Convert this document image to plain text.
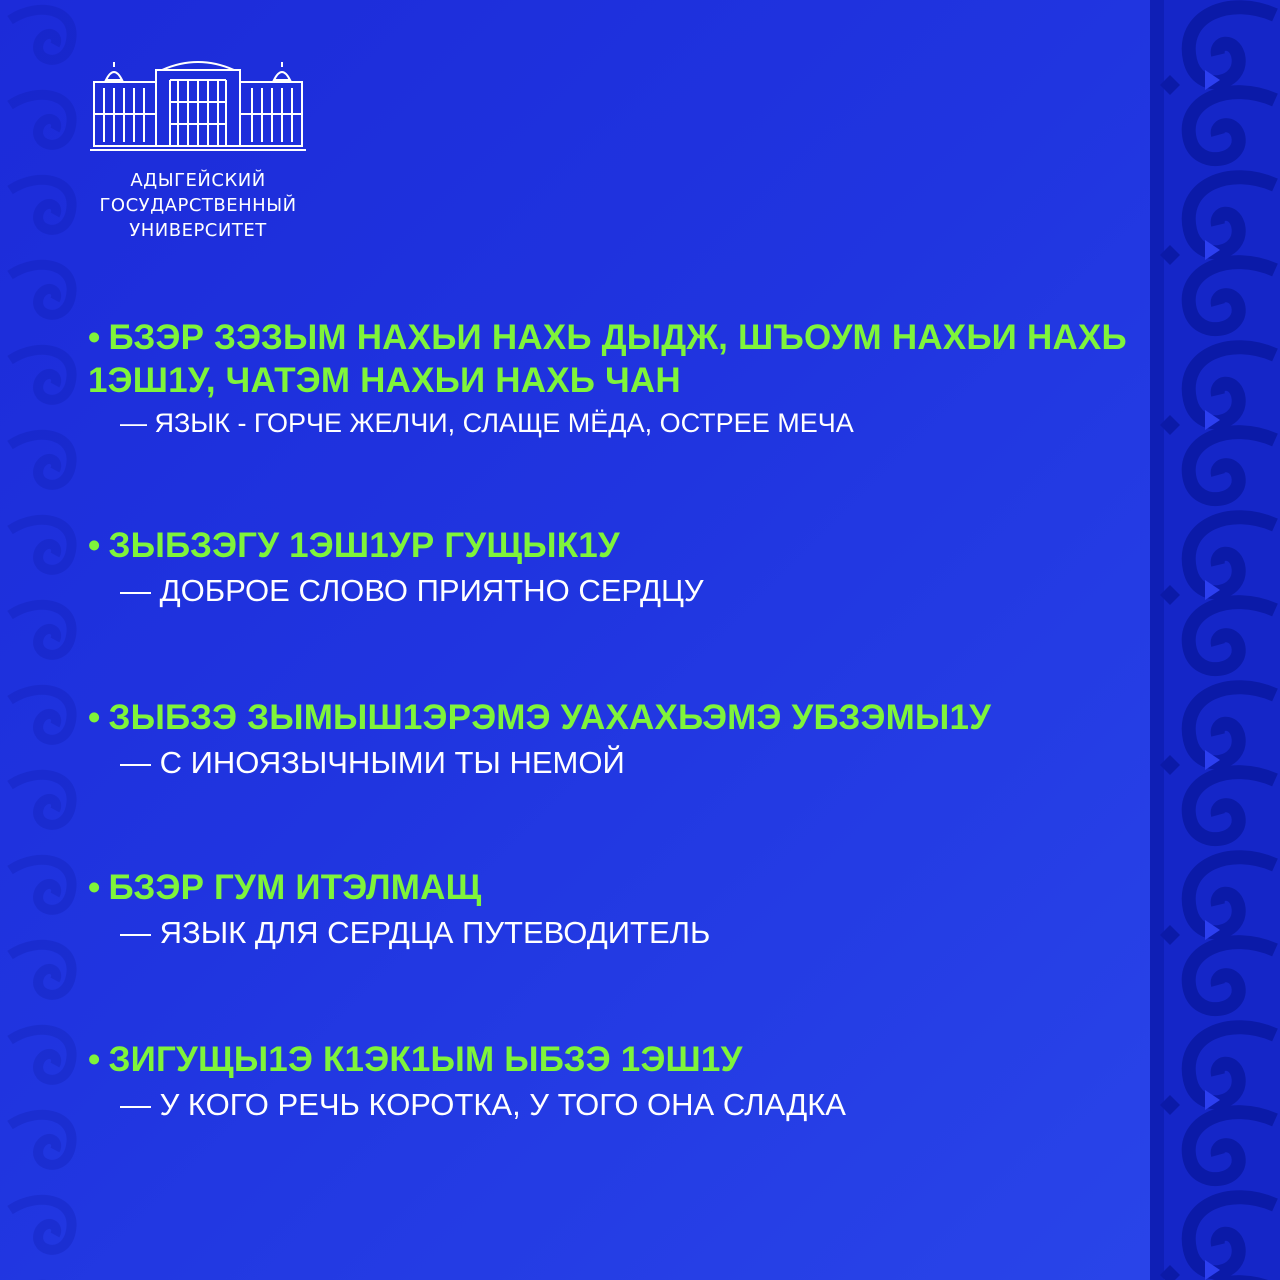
АДЫГЕЙСКИЙ
ГОСУДАРСТВЕННЫЙ
УНИВЕРСИТЕТ
• БЗЭР ЗЭЗЫМ НАХЬИ НАХЬ ДЫДЖ, ШЪОУМ НАХЬИ НАХЬ 1ЭШ1У, ЧАТЭМ НАХЬИ НАХЬ ЧАН
— ЯЗЫК - ГОРЧЕ ЖЕЛЧИ, СЛАЩЕ МЁДА, ОСТРЕЕ МЕЧА
• ЗЫБЗЭГУ 1ЭШ1УР ГУЩЫК1У
— ДОБРОЕ СЛОВО ПРИЯТНО СЕРДЦУ
• ЗЫБЗЭ ЗЫМЫШ1ЭРЭМЭ УАХАХЬЭМЭ УБЗЭМЫ1У
— С ИНОЯЗЫЧНЫМИ ТЫ НЕМОЙ
• БЗЭР ГУМ ИТЭЛМАЩ
— ЯЗЫК ДЛЯ СЕРДЦА ПУТЕВОДИТЕЛЬ
• ЗИГУЩЫ1Э К1ЭК1ЫМ ЫБЗЭ 1ЭШ1У
— У КОГО РЕЧЬ КОРОТКА, У ТОГО ОНА СЛАДКА
